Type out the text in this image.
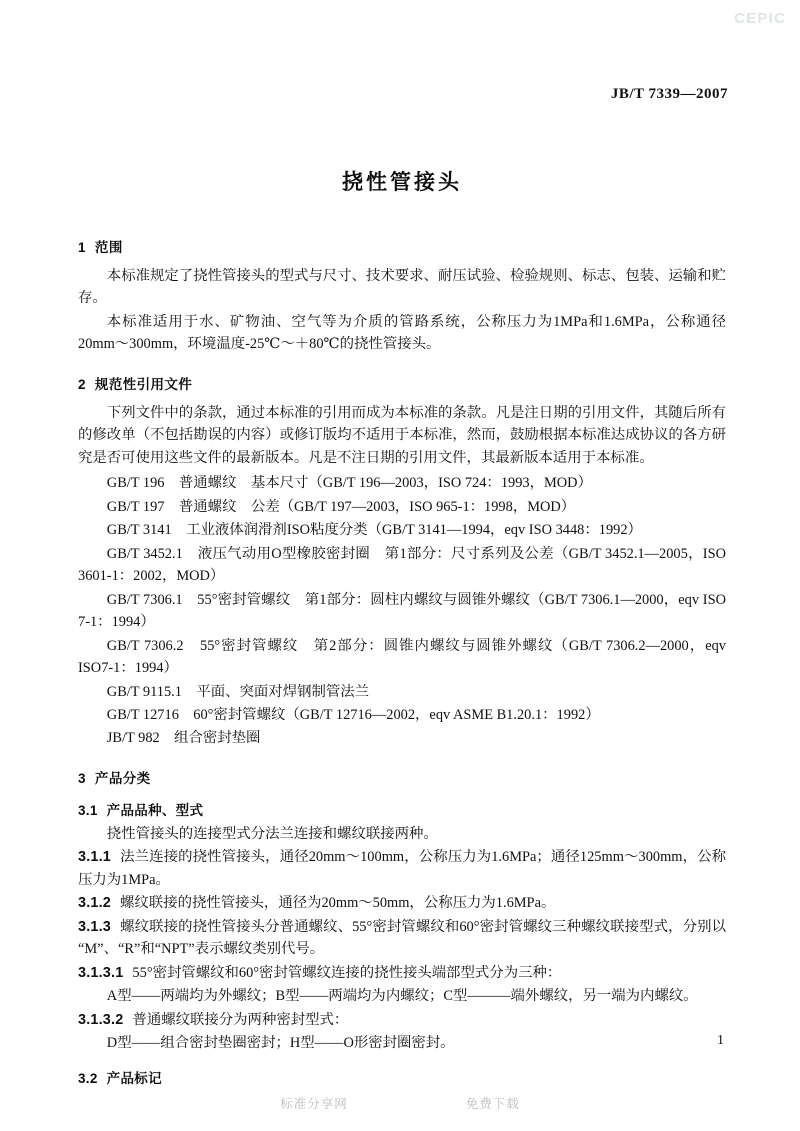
CEPIC
JB/T 7339—2007
挠性管接头
1 范围

本标准规定了挠性管接头的型式与尺寸、技术要求、耐压试验、检验规则、标志、包装、运输和贮存。

本标准适用于水、矿物油、空气等为介质的管路系统，公称压力为1MPa和1.6MPa，公称通径20mm～300mm，环境温度-25℃～＋80℃的挠性管接头。

2 规范性引用文件

下列文件中的条款，通过本标准的引用而成为本标准的条款。凡是注日期的引用文件，其随后所有的修改单（不包括勘误的内容）或修订版均不适用于本标准，然而，鼓励根据本标准达成协议的各方研究是否可使用这些文件的最新版本。凡是不注日期的引用文件，其最新版本适用于本标准。

GB/T 196　普通螺纹　基本尺寸（GB/T 196—2003，ISO 724：1993，MOD）
GB/T 197　普通螺纹　公差（GB/T 197—2003，ISO 965-1：1998，MOD）
GB/T 3141　工业液体润滑剂ISO粘度分类（GB/T 3141—1994，eqv ISO 3448：1992）
GB/T 3452.1　液压气动用O型橡胶密封圈　第1部分：尺寸系列及公差（GB/T 3452.1—2005，ISO 3601-1：2002，MOD）
GB/T 7306.1　55°密封管螺纹　第1部分：圆柱内螺纹与圆锥外螺纹（GB/T 7306.1—2000，eqv ISO 7-1：1994）
GB/T 7306.2　55°密封管螺纹　第2部分：圆锥内螺纹与圆锥外螺纹（GB/T 7306.2—2000，eqv ISO7-1：1994）
GB/T 9115.1　平面、突面对焊钢制管法兰
GB/T 12716　60°密封管螺纹（GB/T 12716—2002，eqv ASME B1.20.1：1992）
JB/T 982　组合密封垫圈
3 产品分类
3.1 产品品种、型式

挠性管接头的连接型式分法兰连接和螺纹联接两种。

3.1.1 法兰连接的挠性管接头，通径20mm～100mm，公称压力为1.6MPa；通径125mm～300mm，公称压力为1MPa。

3.1.2 螺纹联接的挠性管接头，通径为20mm～50mm，公称压力为1.6MPa。

3.1.3 螺纹联接的挠性管接头分普通螺纹、55°密封管螺纹和60°密封管螺纹三种螺纹联接型式，分别以“M”、“R”和“NPT”表示螺纹类别代号。

3.1.3.1 55°密封管螺纹和60°密封管螺纹连接的挠性接头端部型式分为三种：

A型——两端均为外螺纹；B型——两端均为内螺纹；C型———端外螺纹，另一端为内螺纹。

3.1.3.2 普通螺纹联接分为两种密封型式：

D型——组合密封垫圈密封；H型——O形密封圈密封。

3.2 产品标记
1
标准分享网	免费下载
